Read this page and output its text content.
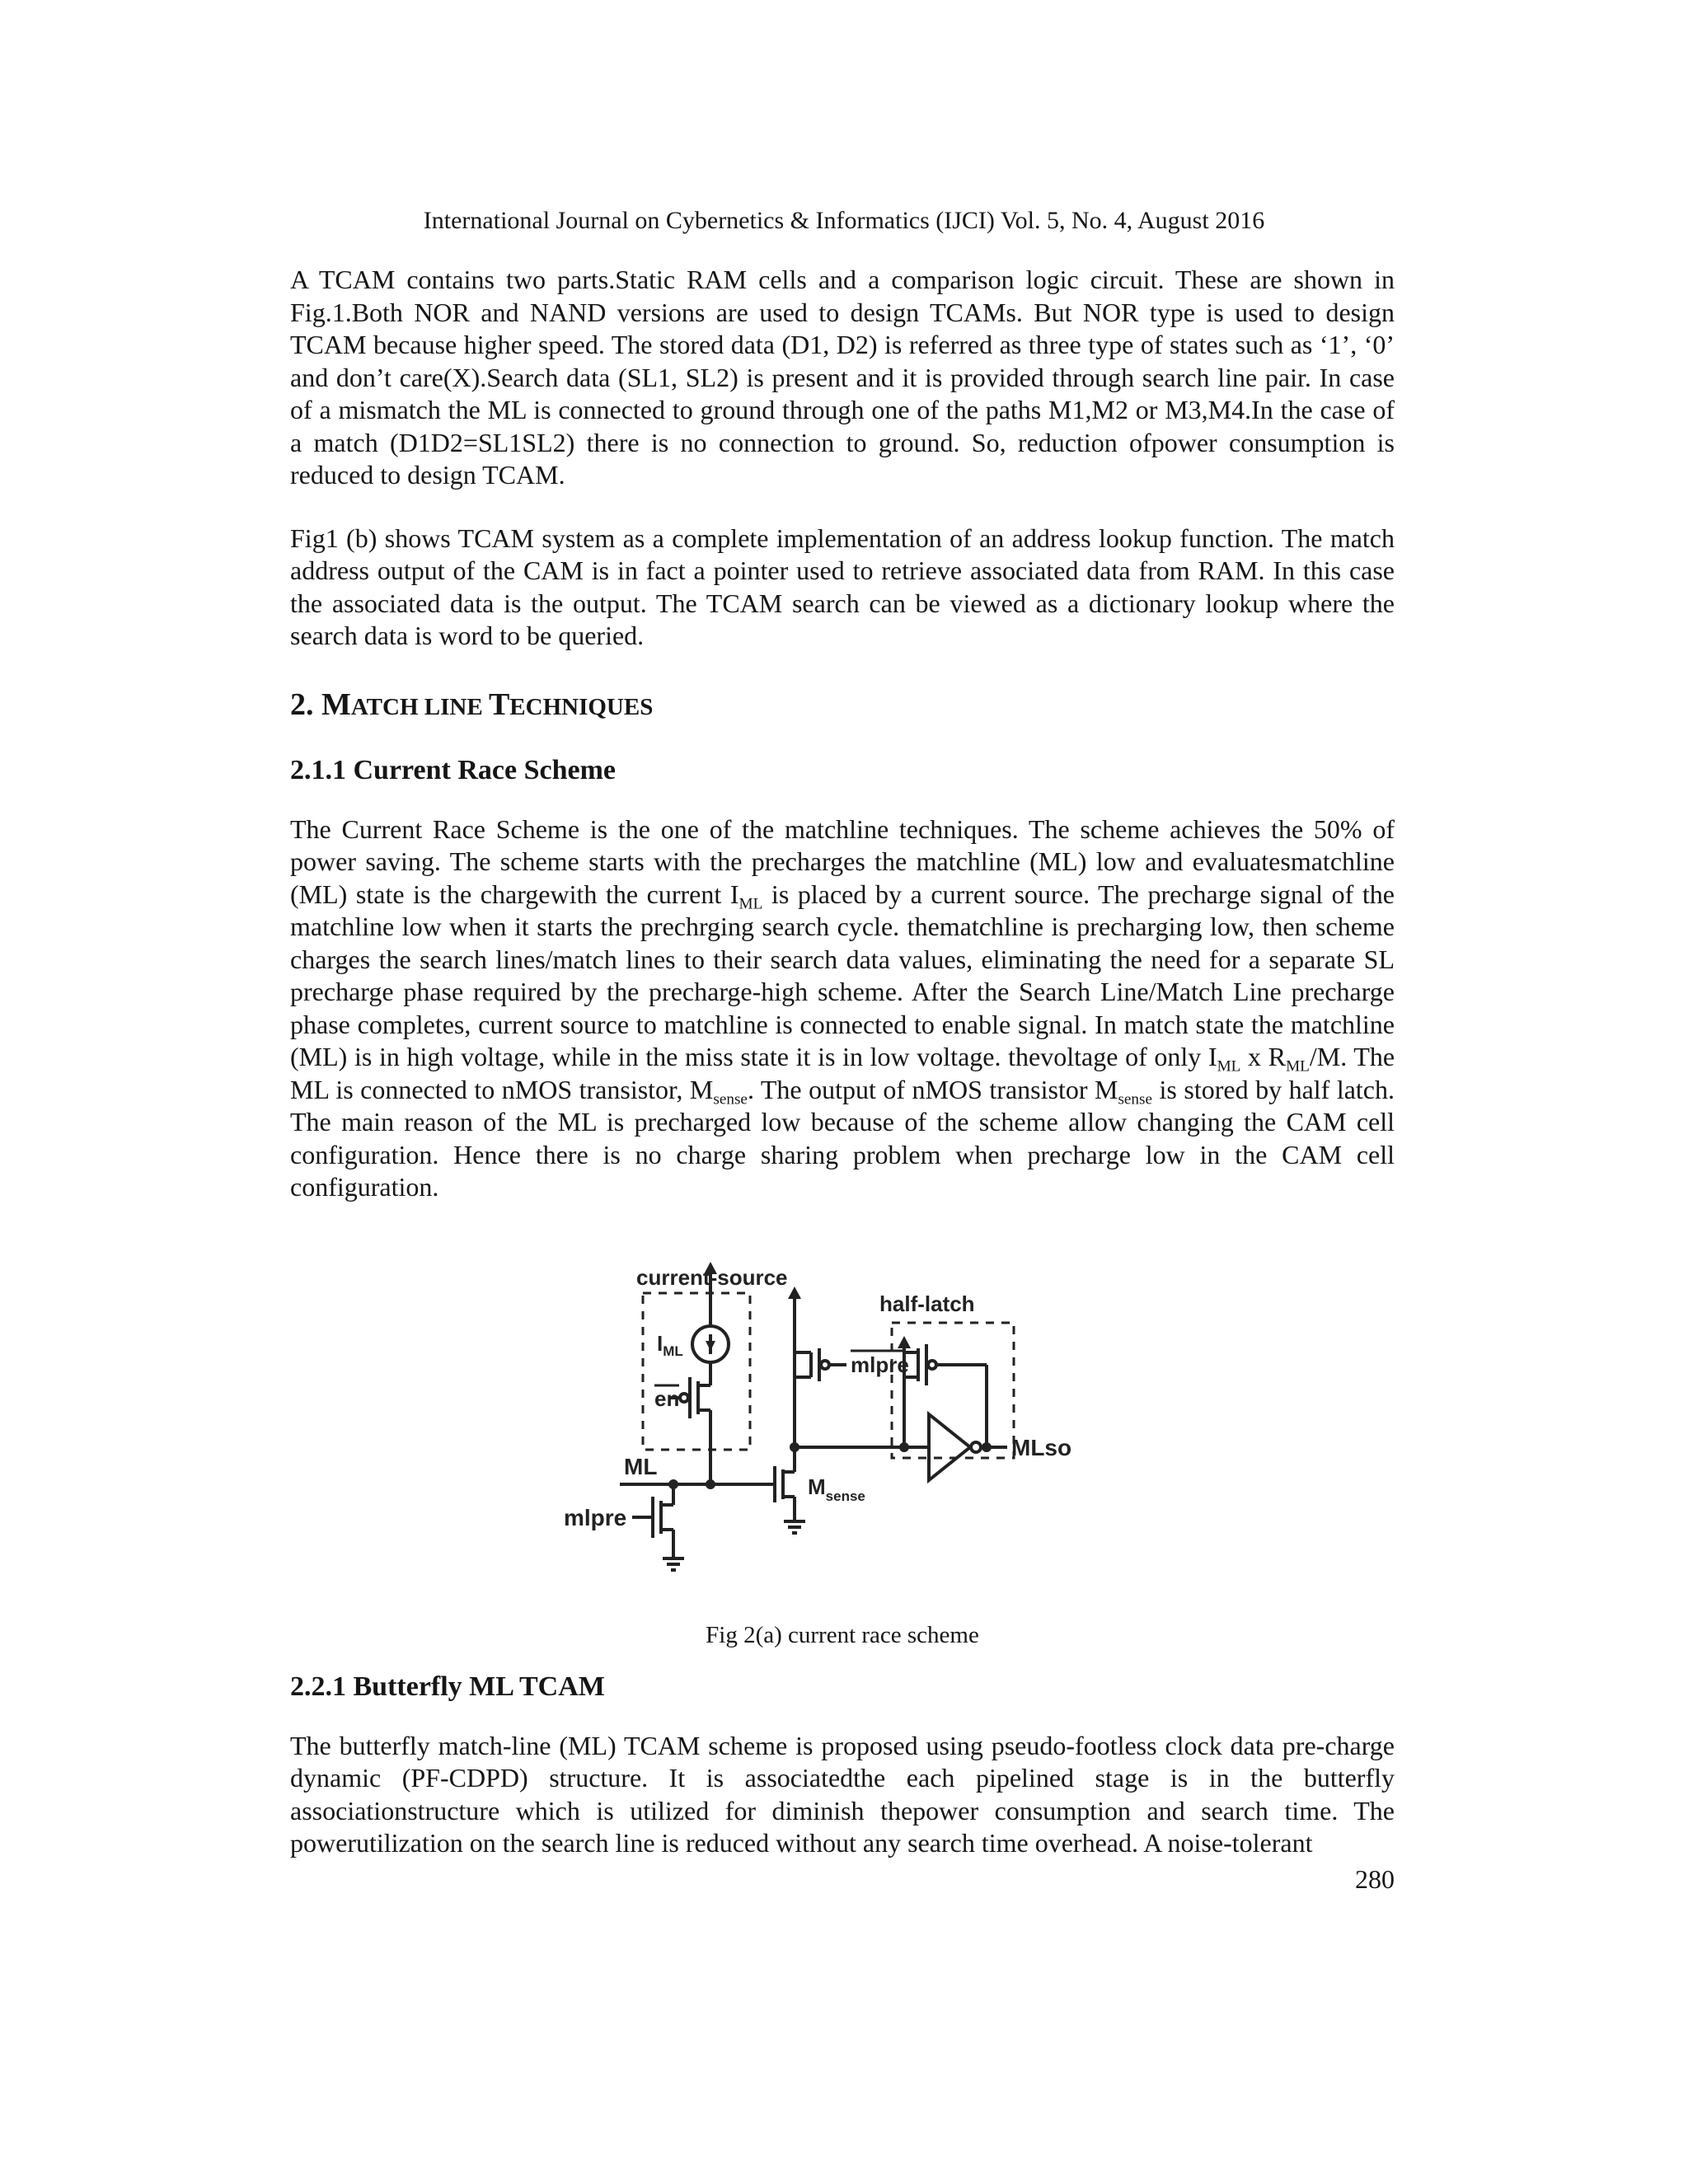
International Journal on Cybernetics & Informatics (IJCI) Vol. 5, No. 4, August 2016

A TCAM contains two parts.Static RAM cells and a comparison logic circuit. These are shown in Fig.1.Both NOR and NAND versions are used to design TCAMs. But NOR type is used to design TCAM because higher speed. The stored data (D1, D2) is referred as three type of states such as ‘1’, ‘0’ and don’t care(X).Search data (SL1, SL2) is present and it is provided through search line pair. In case of a mismatch the ML is connected to ground through one of the paths M1,M2 or M3,M4.In the case of a match (D1D2=SL1SL2) there is no connection to ground. So, reduction ofpower consumption is reduced to design TCAM.

Fig1 (b) shows TCAM system as a complete implementation of an address lookup function. The match address output of the CAM is in fact a pointer used to retrieve associated data from RAM. In this case the associated data is the output. The TCAM search can be viewed as a dictionary lookup where the search data is word to be queried.

2. MATCH LINE TECHNIQUES
2.1.1 Current Race Scheme

The Current Race Scheme is the one of the matchline techniques. The scheme achieves the 50% of power saving. The scheme starts with the precharges the matchline (ML) low and evaluatesmatchline (ML) state is the chargewith the current $I_{ML}$ is placed by a current source. The precharge signal of the matchline low when it starts the prechrging search cycle. thematchline is precharging low, then scheme charges the search lines/match lines to their search data values, eliminating the need for a separate SL precharge phase required by the precharge-high scheme. After the Search Line/Match Line precharge phase completes, current source to matchline is connected to enable signal. In match state the matchline (ML) is in high voltage, while in the miss state it is in low voltage. thevoltage of only $I_{ML}$ x $R_{ML}/M$. The ML is connected to nMOS transistor, $M_{sense}$. The output of nMOS transistor $M_{sense}$ is stored by half latch. The main reason of the ML is precharged low because of the scheme allow changing the CAM cell configuration. Hence there is no charge sharing problem when precharge low in the CAM cell configuration.

current-source
half-latch
$I_{ML}$
en
mlpre
ML
$M_{sense}$
mlpre
MLso
Fig 2(a) current race scheme
2.2.1 Butterfly ML TCAM

The butterfly match-line (ML) TCAM scheme is proposed using pseudo-footless clock data pre-charge dynamic (PF-CDPD) structure. It is associatedthe each pipelined stage is in the butterfly associationstructure which is utilized for diminish thepower consumption and search time. The powerutilization on the search line is reduced without any search time overhead. A noise-tolerant

280
